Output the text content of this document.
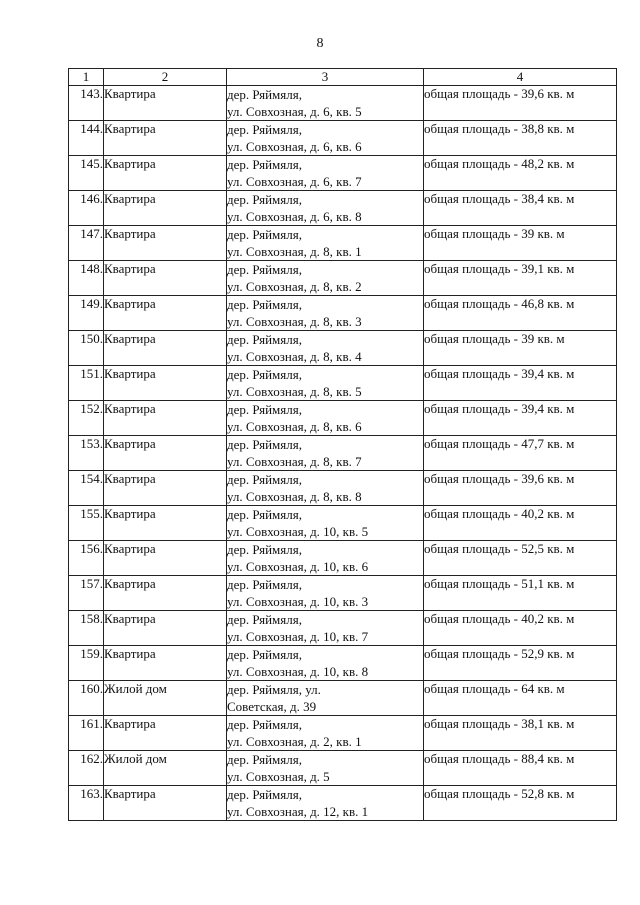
8
1	2	3	4
143.	Квартира	дер. Ряймяля,
ул. Совхозная, д. 6, кв. 5	общая площадь - 39,6 кв. м
144.	Квартира	дер. Ряймяля,
ул. Совхозная, д. 6, кв. 6	общая площадь - 38,8 кв. м
145.	Квартира	дер. Ряймяля,
ул. Совхозная, д. 6, кв. 7	общая площадь - 48,2 кв. м
146.	Квартира	дер. Ряймяля,
ул. Совхозная, д. 6, кв. 8	общая площадь - 38,4 кв. м
147.	Квартира	дер. Ряймяля,
ул. Совхозная, д. 8, кв. 1	общая площадь - 39 кв. м
148.	Квартира	дер. Ряймяля,
ул. Совхозная, д. 8, кв. 2	общая площадь - 39,1 кв. м
149.	Квартира	дер. Ряймяля,
ул. Совхозная, д. 8, кв. 3	общая площадь - 46,8 кв. м
150.	Квартира	дер. Ряймяля,
ул. Совхозная, д. 8, кв. 4	общая площадь - 39 кв. м
151.	Квартира	дер. Ряймяля,
ул. Совхозная, д. 8, кв. 5	общая площадь - 39,4 кв. м
152.	Квартира	дер. Ряймяля,
ул. Совхозная, д. 8, кв. 6	общая площадь - 39,4 кв. м
153.	Квартира	дер. Ряймяля,
ул. Совхозная, д. 8, кв. 7	общая площадь - 47,7 кв. м
154.	Квартира	дер. Ряймяля,
ул. Совхозная, д. 8, кв. 8	общая площадь - 39,6 кв. м
155.	Квартира	дер. Ряймяля,
ул. Совхозная, д. 10, кв. 5	общая площадь - 40,2 кв. м
156.	Квартира	дер. Ряймяля,
ул. Совхозная, д. 10, кв. 6	общая площадь - 52,5 кв. м
157.	Квартира	дер. Ряймяля,
ул. Совхозная, д. 10, кв. 3	общая площадь - 51,1 кв. м
158.	Квартира	дер. Ряймяля,
ул. Совхозная, д. 10, кв. 7	общая площадь - 40,2 кв. м
159.	Квартира	дер. Ряймяля,
ул. Совхозная, д. 10, кв. 8	общая площадь - 52,9 кв. м
160.	Жилой дом	дер. Ряймяля, ул.
Советская, д. 39	общая площадь - 64 кв. м
161.	Квартира	дер. Ряймяля,
ул. Совхозная, д. 2, кв. 1	общая площадь - 38,1 кв. м
162.	Жилой дом	дер. Ряймяля,
ул. Совхозная, д. 5	общая площадь - 88,4 кв. м
163.	Квартира	дер. Ряймяля,
ул. Совхозная, д. 12, кв. 1	общая площадь - 52,8 кв. м
